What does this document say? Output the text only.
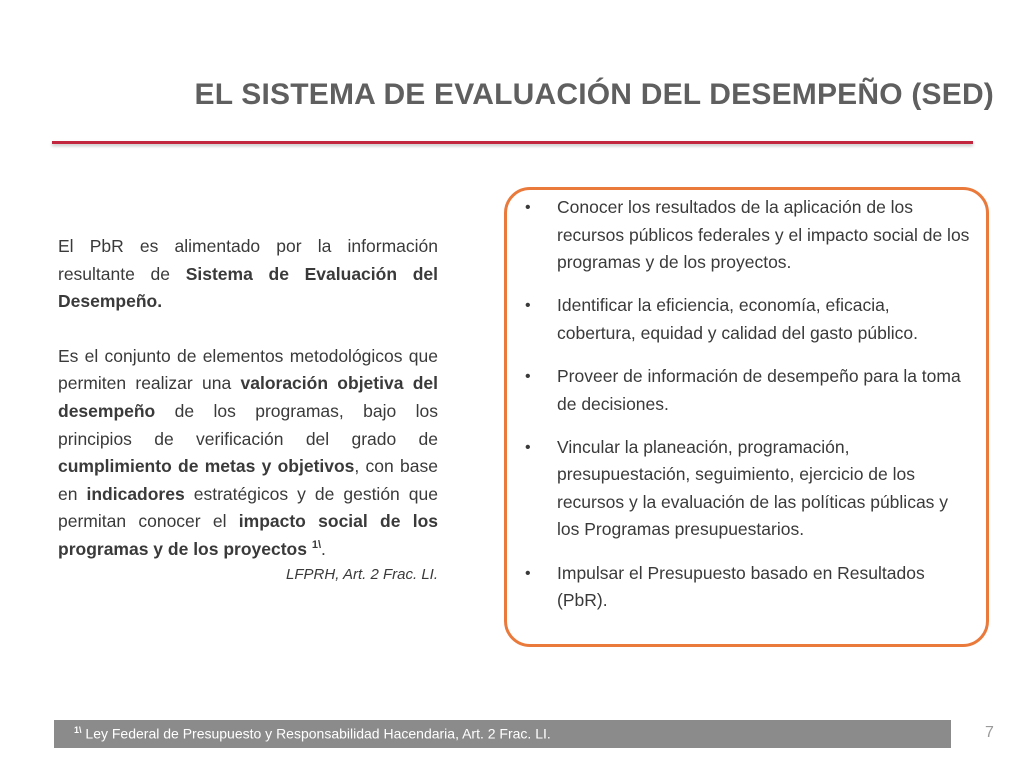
EL SISTEMA DE EVALUACIÓN DEL DESEMPEÑO (SED)

El PbR es alimentado por la información resultante de Sistema de Evaluación del Desempeño.

Es el conjunto de elementos metodológicos que permiten realizar una valoración objetiva del desempeño de los programas, bajo los principios de verificación del grado de cumplimiento de metas y objetivos, con base en indicadores estratégicos y de gestión que permitan conocer el impacto social de los programas y de los proyectos $^{1\backslash}$.

LFPRH, Art. 2 Frac. LI.
• Conocer los resultados de la aplicación de los recursos públicos federales y el impacto social de los programas y de los proyectos.
• Identificar la eficiencia, economía, eficacia, cobertura, equidad y calidad del gasto público.
• Proveer de información de desempeño para la toma de decisiones.
• Vincular la planeación, programación, presupuestación, seguimiento, ejercicio de los recursos y la evaluación de las políticas públicas y los Programas presupuestarios.
• Impulsar el Presupuesto basado en Resultados (PbR).
$^{1\backslash}$ Ley Federal de Presupuesto y Responsabilidad Hacendaria, Art. 2 Frac. LI.	7
